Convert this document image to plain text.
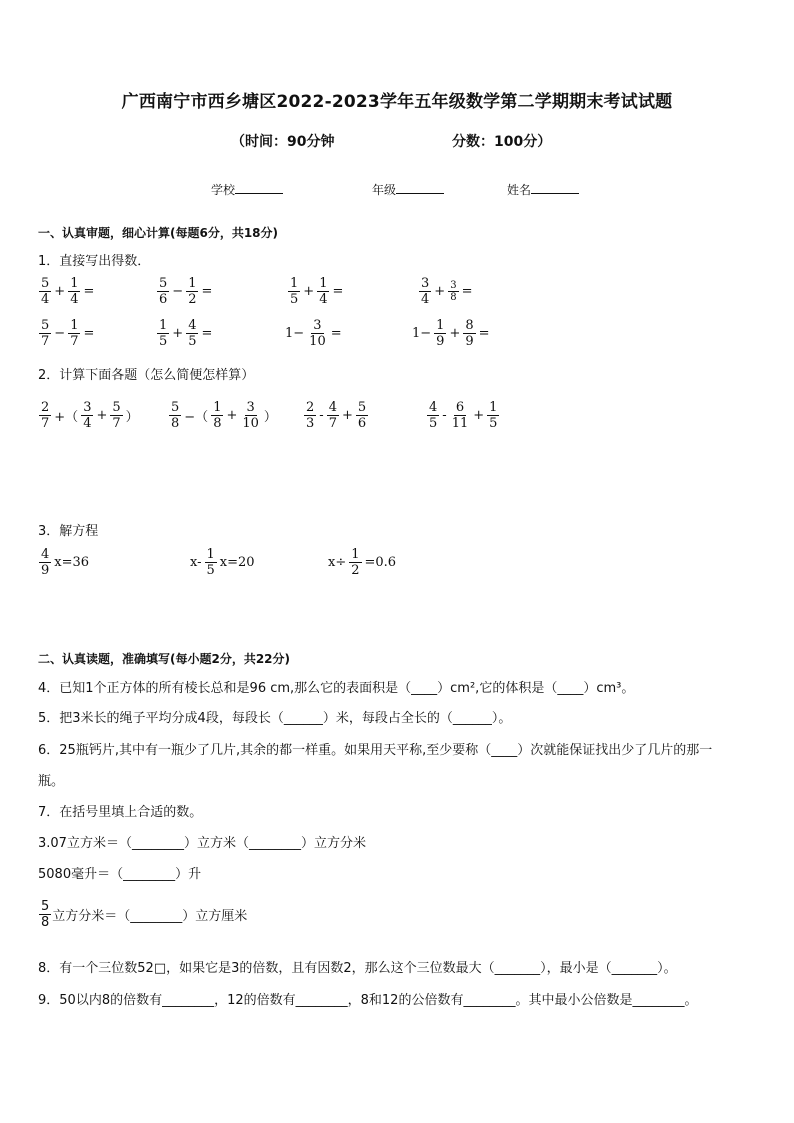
广西南宁市西乡塘区2022-2023学年五年级数学第二学期期末考试试题
（时间：90分钟	分数：100分）
学校	年级	姓名
一、认真审题，细心计算(每题6分，共18分)
1．直接写出得数．
$\frac{5}{4} + \frac{1}{4}$ =	$\frac{5}{6} - \frac{1}{2}$ =	$\frac{1}{5} + \frac{1}{4}$ =	$\frac{3}{4} + \frac{3}{8}$ =
$\frac{5}{7} - \frac{1}{7}$ =	$\frac{1}{5} + \frac{4}{5}$ =	$1- \frac{3}{10}$ =	$1- \frac{1}{9} + \frac{8}{9}$ =
2．计算下面各题（怎么简便怎样算）
$\frac{2}{7}$ +（ $\frac{3}{4} + \frac{5}{7}$ ） $\frac{5}{8}$ −（ $\frac{1}{8} + \frac{3}{10}$ ） $\frac{2}{3} - \frac{4}{7} + \frac{5}{6}$	$\frac{4}{5} - \frac{6}{11} + \frac{1}{5}$
3．解方程
$\frac{4}{9} x=36$	$x- \frac{1}{5} x=20$	$x\div \frac{1}{2} =0.6$
二、认真读题，准确填写(每小题2分，共22分)
4．已知1个正方体的所有棱长总和是96 cm,那么它的表面积是（____）cm²,它的体积是（____）cm³。
5．把3米长的绳子平均分成4段，每段长（______）米，每段占全长的（______）。
6．25瓶钙片,其中有一瓶少了几片,其余的都一样重。如果用天平称,至少要称（____）次就能保证找出少了几片的那一
瓶。
7．在括号里填上合适的数。
3.07立方米＝（________）立方米（________）立方分米
5080毫升＝（________）升
$\frac{5}{8}$ 立方分米＝（________）立方厘米
8．有一个三位数52□，如果它是3的倍数，且有因数2，那么这个三位数最大（_______），最小是（_______）。
9．50以内8的倍数有________，12的倍数有________，8和12的公倍数有________。其中最小公倍数是________。
